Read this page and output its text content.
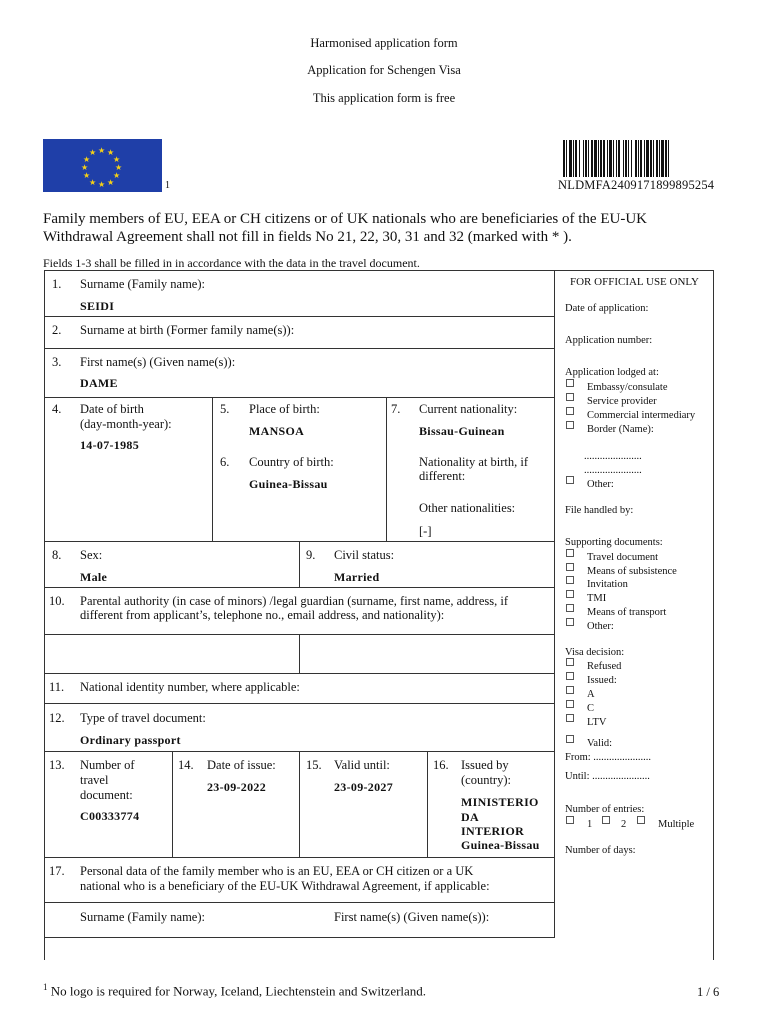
Harmonised application form
Application for Schengen Visa
This application form is free
★ ★
★
★
★
★
★
★
★
★
★
★
1	NLDMFA2409171899895254
Family members of EU, EEA or CH citizens or of UK nationals who are beneficiaries of the EU-UK
Withdrawal Agreement shall not fill in fields No 21, 22, 30, 31 and 32 (marked with * ).
Fields 1-3 shall be filled in in accordance with the data in the travel document.
1. Surname (Family name):
SEIDI
2. Surname at birth (Former family name(s)):
3. First name(s) (Given name(s)):
DAME
4. Date of birth
(day-month-year):
14-07-1985
5. Place of birth:
MANSOA
6. Country of birth:
Guinea-Bissau
7. Current nationality:
Bissau-Guinean
Nationality at birth, if
different:
Other nationalities:
[-]
8. Sex:
Male
9. Civil status:
Married
10. Parental authority (in case of minors) /legal guardian (surname, first name, address, if
different from applicant’s, telephone no., email address, and nationality):
11. National identity number, where applicable:
12. Type of travel document:
Ordinary passport
13. Number of
travel
document:
C00333774
14. Date of issue:
23-09-2022
15. Valid until:
23-09-2027
16. Issued by
(country):
MINISTERIO
DA
INTERIOR
Guinea-Bissau
17. Personal data of the family member who is an EU, EEA or CH citizen or a UK
national who is a beneficiary of the EU-UK Withdrawal Agreement, if applicable:
Surname (Family name):	First name(s) (Given name(s)):
FOR OFFICIAL USE ONLY
Date of application:
Application number:
Application lodged at:
Embassy/consulate
Service provider
Commercial intermediary
Border (Name):
......................
......................
Other:
File handled by:
Supporting documents:
Travel document
Means of subsistence
Invitation
TMI
Means of transport
Other:
Visa decision:
Refused
Issued:
A
C
LTV
Valid:
From: ......................
Until: ......................
Number of entries:
1	2	Multiple
Number of days:
$^1$ No logo is required for Norway, Iceland, Liechtenstein and Switzerland.	1 / 6
